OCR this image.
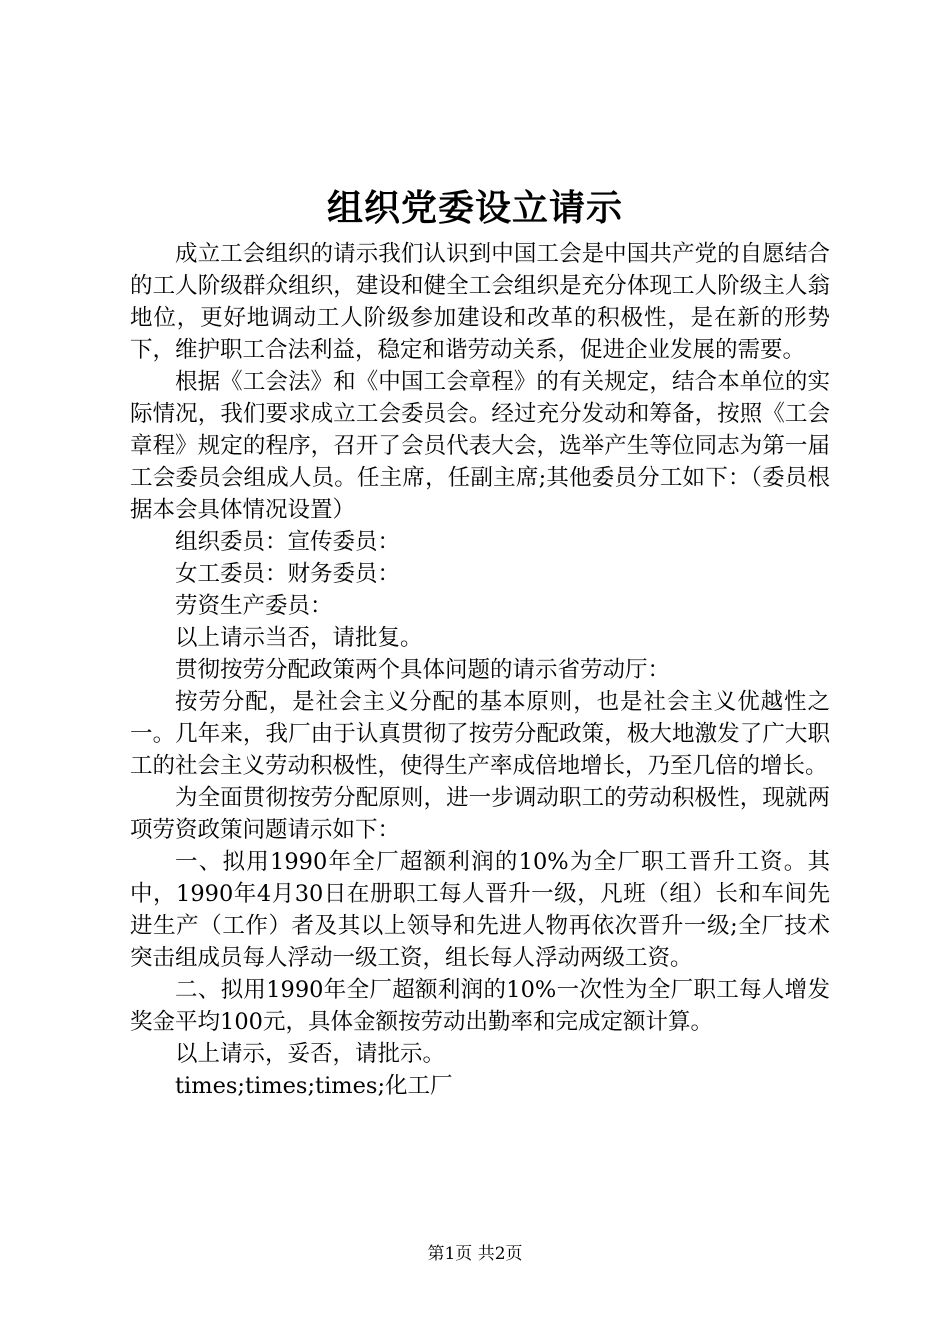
组织党委设立请示

成立工会组织的请示我们认识到中国工会是中国共产党的自愿结合的工人阶级群众组织，建设和健全工会组织是充分体现工人阶级主人翁地位，更好地调动工人阶级参加建设和改革的积极性，是在新的形势下，维护职工合法利益，稳定和谐劳动关系，促进企业发展的需要。

根据《工会法》和《中国工会章程》的有关规定，结合本单位的实际情况，我们要求成立工会委员会。经过充分发动和筹备，按照《工会章程》规定的程序，召开了会员代表大会，选举产生等位同志为第一届工会委员会组成人员。任主席，任副主席;其他委员分工如下：（委员根据本会具体情况设置）

组织委员：宣传委员：

女工委员：财务委员：

劳资生产委员：

以上请示当否，请批复。

贯彻按劳分配政策两个具体问题的请示省劳动厅：

按劳分配，是社会主义分配的基本原则，也是社会主义优越性之一。几年来，我厂由于认真贯彻了按劳分配政策，极大地激发了广大职工的社会主义劳动积极性，使得生产率成倍地增长，乃至几倍的增长。

为全面贯彻按劳分配原则，进一步调动职工的劳动积极性，现就两项劳资政策问题请示如下：

一、拟用1990年全厂超额利润的10%为全厂职工晋升工资。其中，1990年4月30日在册职工每人晋升一级，凡班（组）长和车间先进生产（工作）者及其以上领导和先进人物再依次晋升一级;全厂技术突击组成员每人浮动一级工资，组长每人浮动两级工资。

二、拟用1990年全厂超额利润的10%一次性为全厂职工每人增发奖金平均100元，具体金额按劳动出勤率和完成定额计算。

以上请示，妥否，请批示。

times;times;times;化工厂

第1页 共2页
